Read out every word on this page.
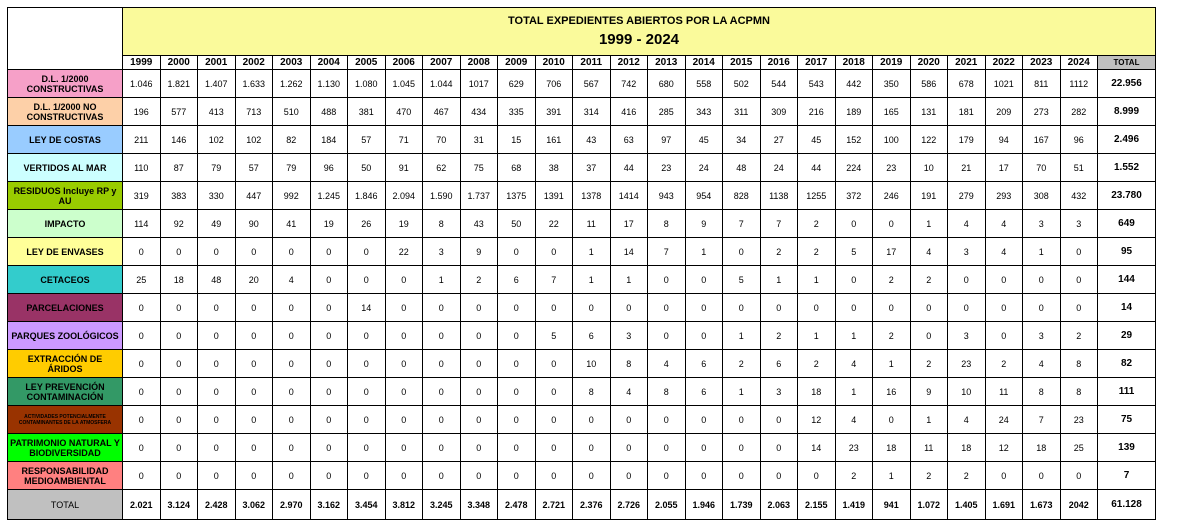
	TOTAL EXPEDIENTES ABIERTOS POR LA ACPMN
1999 - 2024																										

	1999	2000	2001	2002	2003	2004	2005	2006	2007	2008	2009	2010	2011	2012	2013	2014	2015	2016	2017	2018	2019	2020	2021	2022	2023	2024	TOTAL
D.L. 1/2000 CONSTRUCTIVAS	1.046	1.821	1.407	1.633	1.262	1.130	1.080	1.045	1.044	1017	629	706	567	742	680	558	502	544	543	442	350	586	678	1021	811	1112	22.956
D.L. 1/2000 NO CONSTRUCTIVAS	196	577	413	713	510	488	381	470	467	434	335	391	314	416	285	343	311	309	216	189	165	131	181	209	273	282	8.999
LEY DE COSTAS	211	146	102	102	82	184	57	71	70	31	15	161	43	63	97	45	34	27	45	152	100	122	179	94	167	96	2.496
VERTIDOS AL MAR	110	87	79	57	79	96	50	91	62	75	68	38	37	44	23	24	48	24	44	224	23	10	21	17	70	51	1.552
RESIDUOS Incluye RP y AU	319	383	330	447	992	1.245	1.846	2.094	1.590	1.737	1375	1391	1378	1414	943	954	828	1138	1255	372	246	191	279	293	308	432	23.780
IMPACTO	114	92	49	90	41	19	26	19	8	43	50	22	11	17	8	9	7	7	2	0	0	1	4	4	3	3	649
LEY DE ENVASES	0	0	0	0	0	0	0	22	3	9	0	0	1	14	7	1	0	2	2	5	17	4	3	4	1	0	95
CETACEOS	25	18	48	20	4	0	0	0	1	2	6	7	1	1	0	0	5	1	1	0	2	2	0	0	0	0	144
PARCELACIONES	0	0	0	0	0	0	14	0	0	0	0	0	0	0	0	0	0	0	0	0	0	0	0	0	0	0	14
PARQUES ZOOLÓGICOS	0	0	0	0	0	0	0	0	0	0	0	5	6	3	0	0	1	2	1	1	2	0	3	0	3	2	29
EXTRACCIÓN DE ÁRIDOS	0	0	0	0	0	0	0	0	0	0	0	0	10	8	4	6	2	6	2	4	1	2	23	2	4	8	82
LEY PREVENCIÓN CONTAMINACIÓN	0	0	0	0	0	0	0	0	0	0	0	0	8	4	8	6	1	3	18	1	16	9	10	11	8	8	111
ACTIVIDADES POTENCIALMENTE CONTAMINANTES DE LA ATMOSFERA	0	0	0	0	0	0	0	0	0	0	0	0	0	0	0	0	0	0	12	4	0	1	4	24	7	23	75
PATRIMONIO NATURAL Y BIODIVERSIDAD	0	0	0	0	0	0	0	0	0	0	0	0	0	0	0	0	0	0	14	23	18	11	18	12	18	25	139
RESPONSABILIDAD MEDIOAMBIENTAL	0	0	0	0	0	0	0	0	0	0	0	0	0	0	0	0	0	0	0	2	1	2	2	0	0	0	7
TOTAL	2.021	3.124	2.428	3.062	2.970	3.162	3.454	3.812	3.245	3.348	2.478	2.721	2.376	2.726	2.055	1.946	1.739	2.063	2.155	1.419	941	1.072	1.405	1.691	1.673	2042	61.128
